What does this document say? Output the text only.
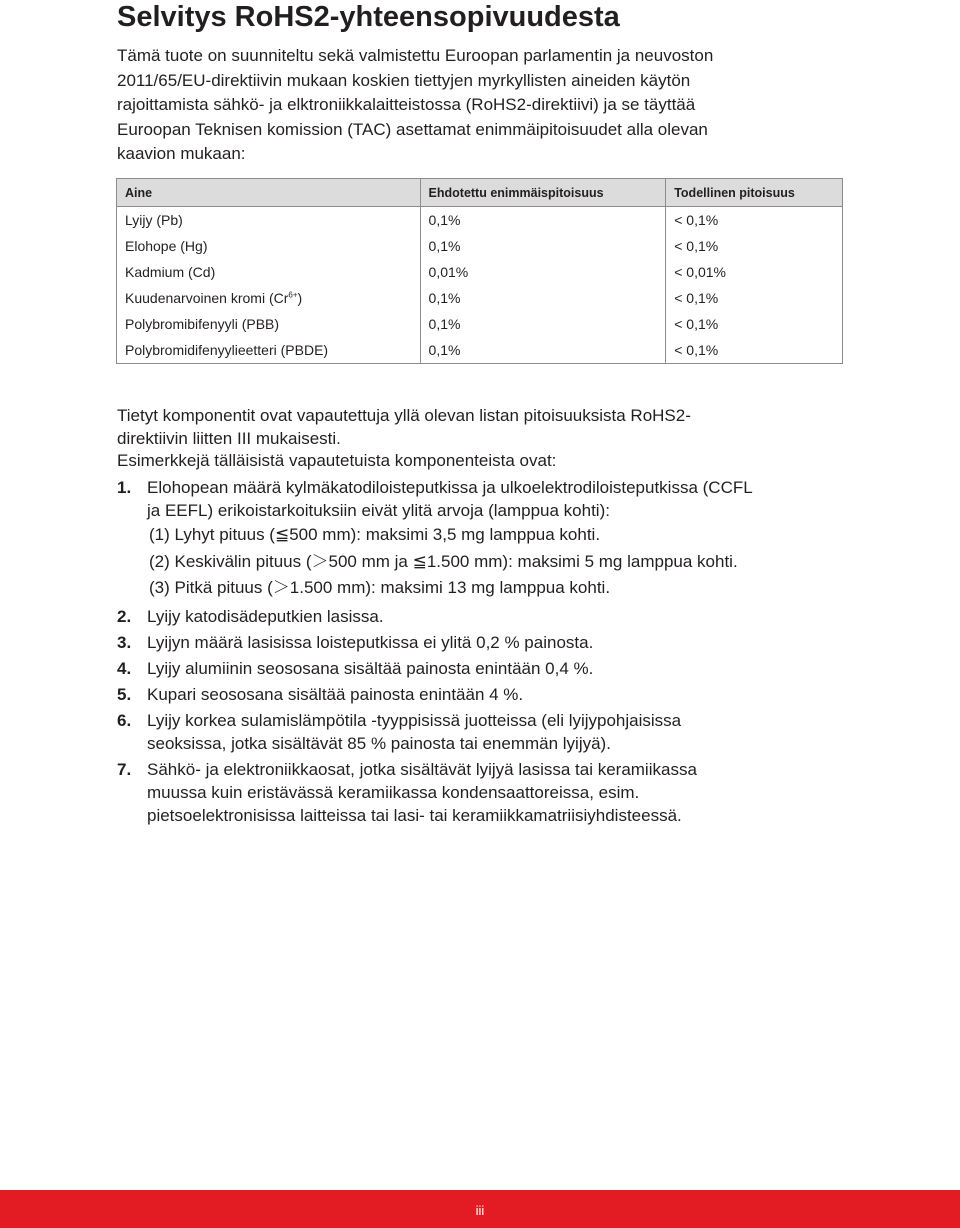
Selvitys RoHS2-yhteensopivuudesta
Tämä tuote on suunniteltu sekä valmistettu Euroopan parlamentin ja neuvoston
2011/65/EU-direktiivin mukaan koskien tiettyjen myrkyllisten aineiden käytön
rajoittamista sähkö- ja elktroniikkalaitteistossa (RoHS2-direktiivi) ja se täyttää
Euroopan Teknisen komission (TAC) asettamat enimmäipitoisuudet alla olevan
kaavion mukaan:
Aine	Ehdotettu enimmäispitoisuus	Todellinen pitoisuus
Lyijy (Pb)	0,1%	< 0,1%
Elohope (Hg)	0,1%	< 0,1%
Kadmium (Cd)	0,01%	< 0,01%
Kuudenarvoinen kromi $(Cr^{6+})$	0,1%	< 0,1%
Polybromibifenyyli (PBB)	0,1%	< 0,1%
Polybromidifenyylieetteri (PBDE)	0,1%	< 0,1%
Tietyt komponentit ovat vapautettuja yllä olevan listan pitoisuuksista RoHS2-
direktiivin liitten III mukaisesti.
Esimerkkejä tälläisistä vapautetuista komponenteista ovat:
1. Elohopean määrä kylmäkatodiloisteputkissa ja ulkoelektrodiloisteputkissa (CCFL
ja EEFL) erikoistarkoituksiin eivät ylitä arvoja (lamppua kohti):
(1) Lyhyt pituus (≦500 mm): maksimi 3,5 mg lamppua kohti.
(2) Keskivälin pituus (＞500 mm ja ≦1.500 mm): maksimi 5 mg lamppua kohti.
(3) Pitkä pituus (＞1.500 mm): maksimi 13 mg lamppua kohti.
2. Lyijy katodisädeputkien lasissa.
3. Lyijyn määrä lasisissa loisteputkissa ei ylitä 0,2 % painosta.
4. Lyijy alumiinin seososana sisältää painosta enintään 0,4 %.
5. Kupari seososana sisältää painosta enintään 4 %.
6. Lyijy korkea sulamislämpötila -tyyppisissä juotteissa (eli lyijypohjaisissa
seoksissa, jotka sisältävät 85 % painosta tai enemmän lyijyä).
7. Sähkö- ja elektroniikkaosat, jotka sisältävät lyijyä lasissa tai keramiikassa
muussa kuin eristävässä keramiikassa kondensaattoreissa, esim.
pietsoelektronisissa laitteissa tai lasi- tai keramiikkamatriisiyhdisteessä.
iii
